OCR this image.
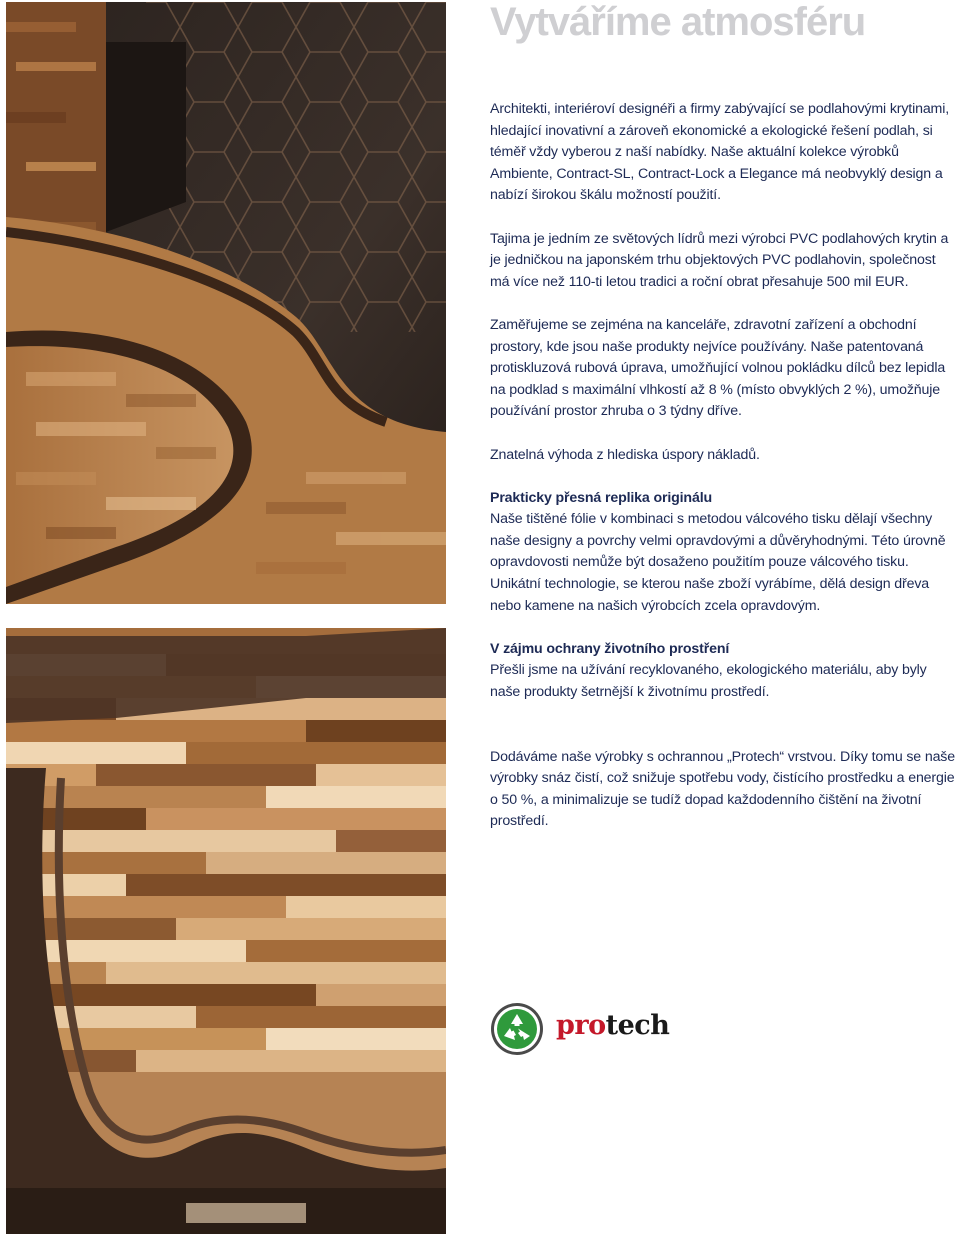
Vytváříme atmosféru

Architekti, interiéroví designéři a firmy zabývající se podlahovými krytinami, hledající inovativní a zároveň ekonomické a ekologické řešení podlah, si téměř vždy vyberou z naší nabídky. Naše aktuální kolekce výrobků Ambiente, Contract-SL, Contract-Lock a Elegance má neobvyklý design a nabízí širokou škálu možností použití.

Tajima je jedním ze světových lídrů mezi výrobci PVC podlahových krytin a je jedničkou na japonském trhu objektových PVC podlahovin, společnost má více než 110-ti letou tradici a roční obrat přesahuje 500 mil EUR.

Zaměřujeme se zejména na kanceláře, zdravotní zařízení a obchodní prostory, kde jsou naše produkty nejvíce používány. Naše patentovaná protiskluzová rubová úprava, umožňující volnou pokládku dílců bez lepidla na podklad s maximální vlhkostí až 8 % (místo obvyklých 2 %), umožňuje používání prostor zhruba o 3 týdny dříve.

Znatelná výhoda z hlediska úspory nákladů.

Prakticky přesná replika originálu
Naše tištěné fólie v kombinaci s metodou válcového tisku dělají všechny naše designy a povrchy velmi opravdovými a důvěryhodnými. Této úrovně opravdovosti nemůže být dosaženo použitím pouze válcového tisku. Unikátní technologie, se kterou naše zboží vyrábíme, dělá design dřeva nebo kamene na našich výrobcích zcela opravdovým.

V zájmu ochrany životního prostření
Přešli jsme na užívání recyklovaného, ekologického materiálu, aby byly naše produkty šetrnější k životnímu prostředí.

Dodáváme naše výrobky s ochrannou „Protech“ vrstvou. Díky tomu se naše výrobky snáz čistí, což snižuje spotřebu vody, čistícího prostředku a energie o 50 %, a minimalizuje se tudíž dopad každodenního čištění na životní prostředí.

protech
